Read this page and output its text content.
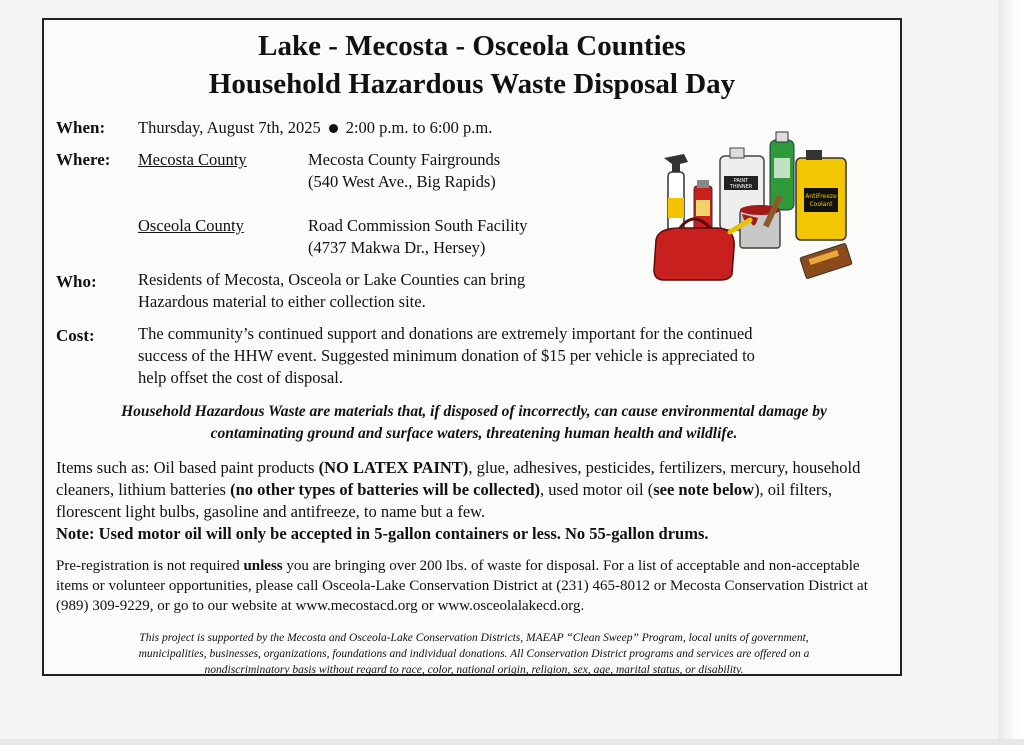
Lake - Mecosta - Osceola Counties
Household Hazardous Waste Disposal Day
When: Thursday, August 7th, 2025 2:00 p.m. to 6:00 p.m.
Where: Mecosta County	Mecosta County Fairgrounds
(540 West Ave., Big Rapids)
Osceola County	Road Commission South Facility
(4737 Makwa Dr., Hersey)
Who:	Residents of Mecosta, Osceola or Lake Counties can bring
Hazardous material to either collection site.
Cost:	The community’s continued support and donations are extremely important for the continued
success of the HHW event. Suggested minimum donation of $15 per vehicle is appreciated to
help offset the cost of disposal.
Household Hazardous Waste are materials that, if disposed of incorrectly, can cause environmental damage by
contaminating ground and surface waters, threatening human health and wildlife.
Items such as: Oil based paint products (NO LATEX PAINT), glue, adhesives, pesticides, fertilizers, mercury, household cleaners, lithium batteries (no other types of batteries will be collected), used motor oil (see note below), oil filters, florescent light bulbs, gasoline and antifreeze, to name but a few.
Note: Used motor oil will only be accepted in 5-gallon containers or less. No 55-gallon drums.
Pre-registration is not required unless you are bringing over 200 lbs. of waste for disposal. For a list of acceptable and non-acceptable items or volunteer opportunities, please call Osceola-Lake Conservation District at (231) 465-8012 or Mecosta Conservation District at (989) 309-9229, or go to our website at www.mecostacd.org or www.osceolalakecd.org.
This project is supported by the Mecosta and Osceola-Lake Conservation Districts, MAEAP “Clean Sweep” Program, local units of government,
municipalities, businesses, organizations, foundations and individual donations. All Conservation District programs and services are offered on a
nondiscriminatory basis without regard to race, color, national origin, religion, sex, age, marital status, or disability.
PAINT
THINNER
AntiFreeze
Coolant
